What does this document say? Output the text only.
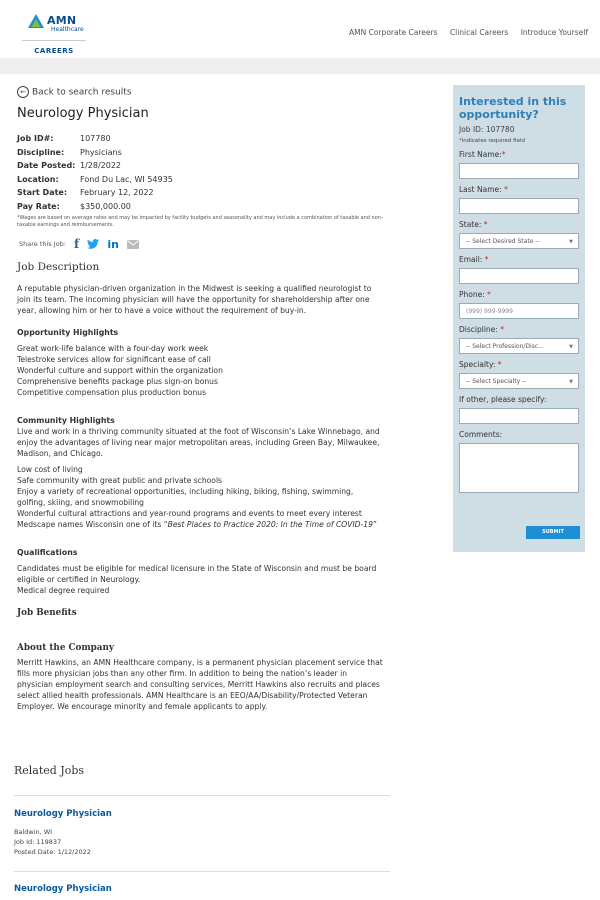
AMN
Healthcare
CAREERS
AMN Corporate Careers Clinical Careers Introduce Yourself
← Back to search results
Neurology Physician
Job ID#:	107780
Discipline: Physicians
Date Posted: 1/28/2022
Location:	Fond Du Lac, WI 54935
Start Date: February 12, 2022
Pay Rate:	$350,000.00
*Wages are based on average rates and may be impacted by facility budgets and seasonality and may include a combination of taxable and non-taxable earnings and reimbursements.
Share this Job: f	in

Job Description

A reputable physician-driven organization in the Midwest is seeking a qualified neurologist to join its team. The incoming physician will have the opportunity for shareholdership after one year, allowing him or her to have a voice without the requirement of buy-in.

Opportunity Highlights

Great work-life balance with a four-day work week

Telestroke services allow for significant ease of call

Wonderful culture and support within the organization

Comprehensive benefits package plus sign-on bonus

Competitive compensation plus production bonus

Community Highlights

Live and work in a thriving community situated at the foot of Wisconsin’s Lake Winnebago, and enjoy the advantages of living near major metropolitan areas, including Green Bay, Milwaukee, Madison, and Chicago.

Low cost of living

Safe community with great public and private schools

Enjoy a variety of recreational opportunities, including hiking, biking, fishing, swimming, golfing, skiing, and snowmobiling

Wonderful cultural attractions and year-round programs and events to meet every interest

Medscape names Wisconsin one of its “Best Places to Practice 2020: In the Time of COVID-19”

Qualifications

Candidates must be eligible for medical licensure in the State of Wisconsin and must be board eligible or certified in Neurology.

Medical degree required

Job Benefits

About the Company

Merritt Hawkins, an AMN Healthcare company, is a permanent physician placement service that fills more physician jobs than any other firm. In addition to being the nation’s leader in physician employment search and consulting services, Merritt Hawkins also recruits and places select allied health professionals. AMN Healthcare is an EEO/AA/Disability/Protected Veteran Employer. We encourage minority and female applicants to apply.

Related Jobs
Neurology Physician
Baldwin, WI
Job Id: 119837
Posted Date: 1/12/2022
Neurology Physician

Interested in this opportunity?

Job ID: 107780
*indicates required field
First Name:*
Last Name: *
State: *
-- Select Desired State --	▼
Email: *
Phone: *
(999) 999-9999
Discipline: *
-- Select Profession/Disc...	▼
Specialty: *
-- Select Specialty --	▼
If other, please specify:
Comments:
SUBMIT
